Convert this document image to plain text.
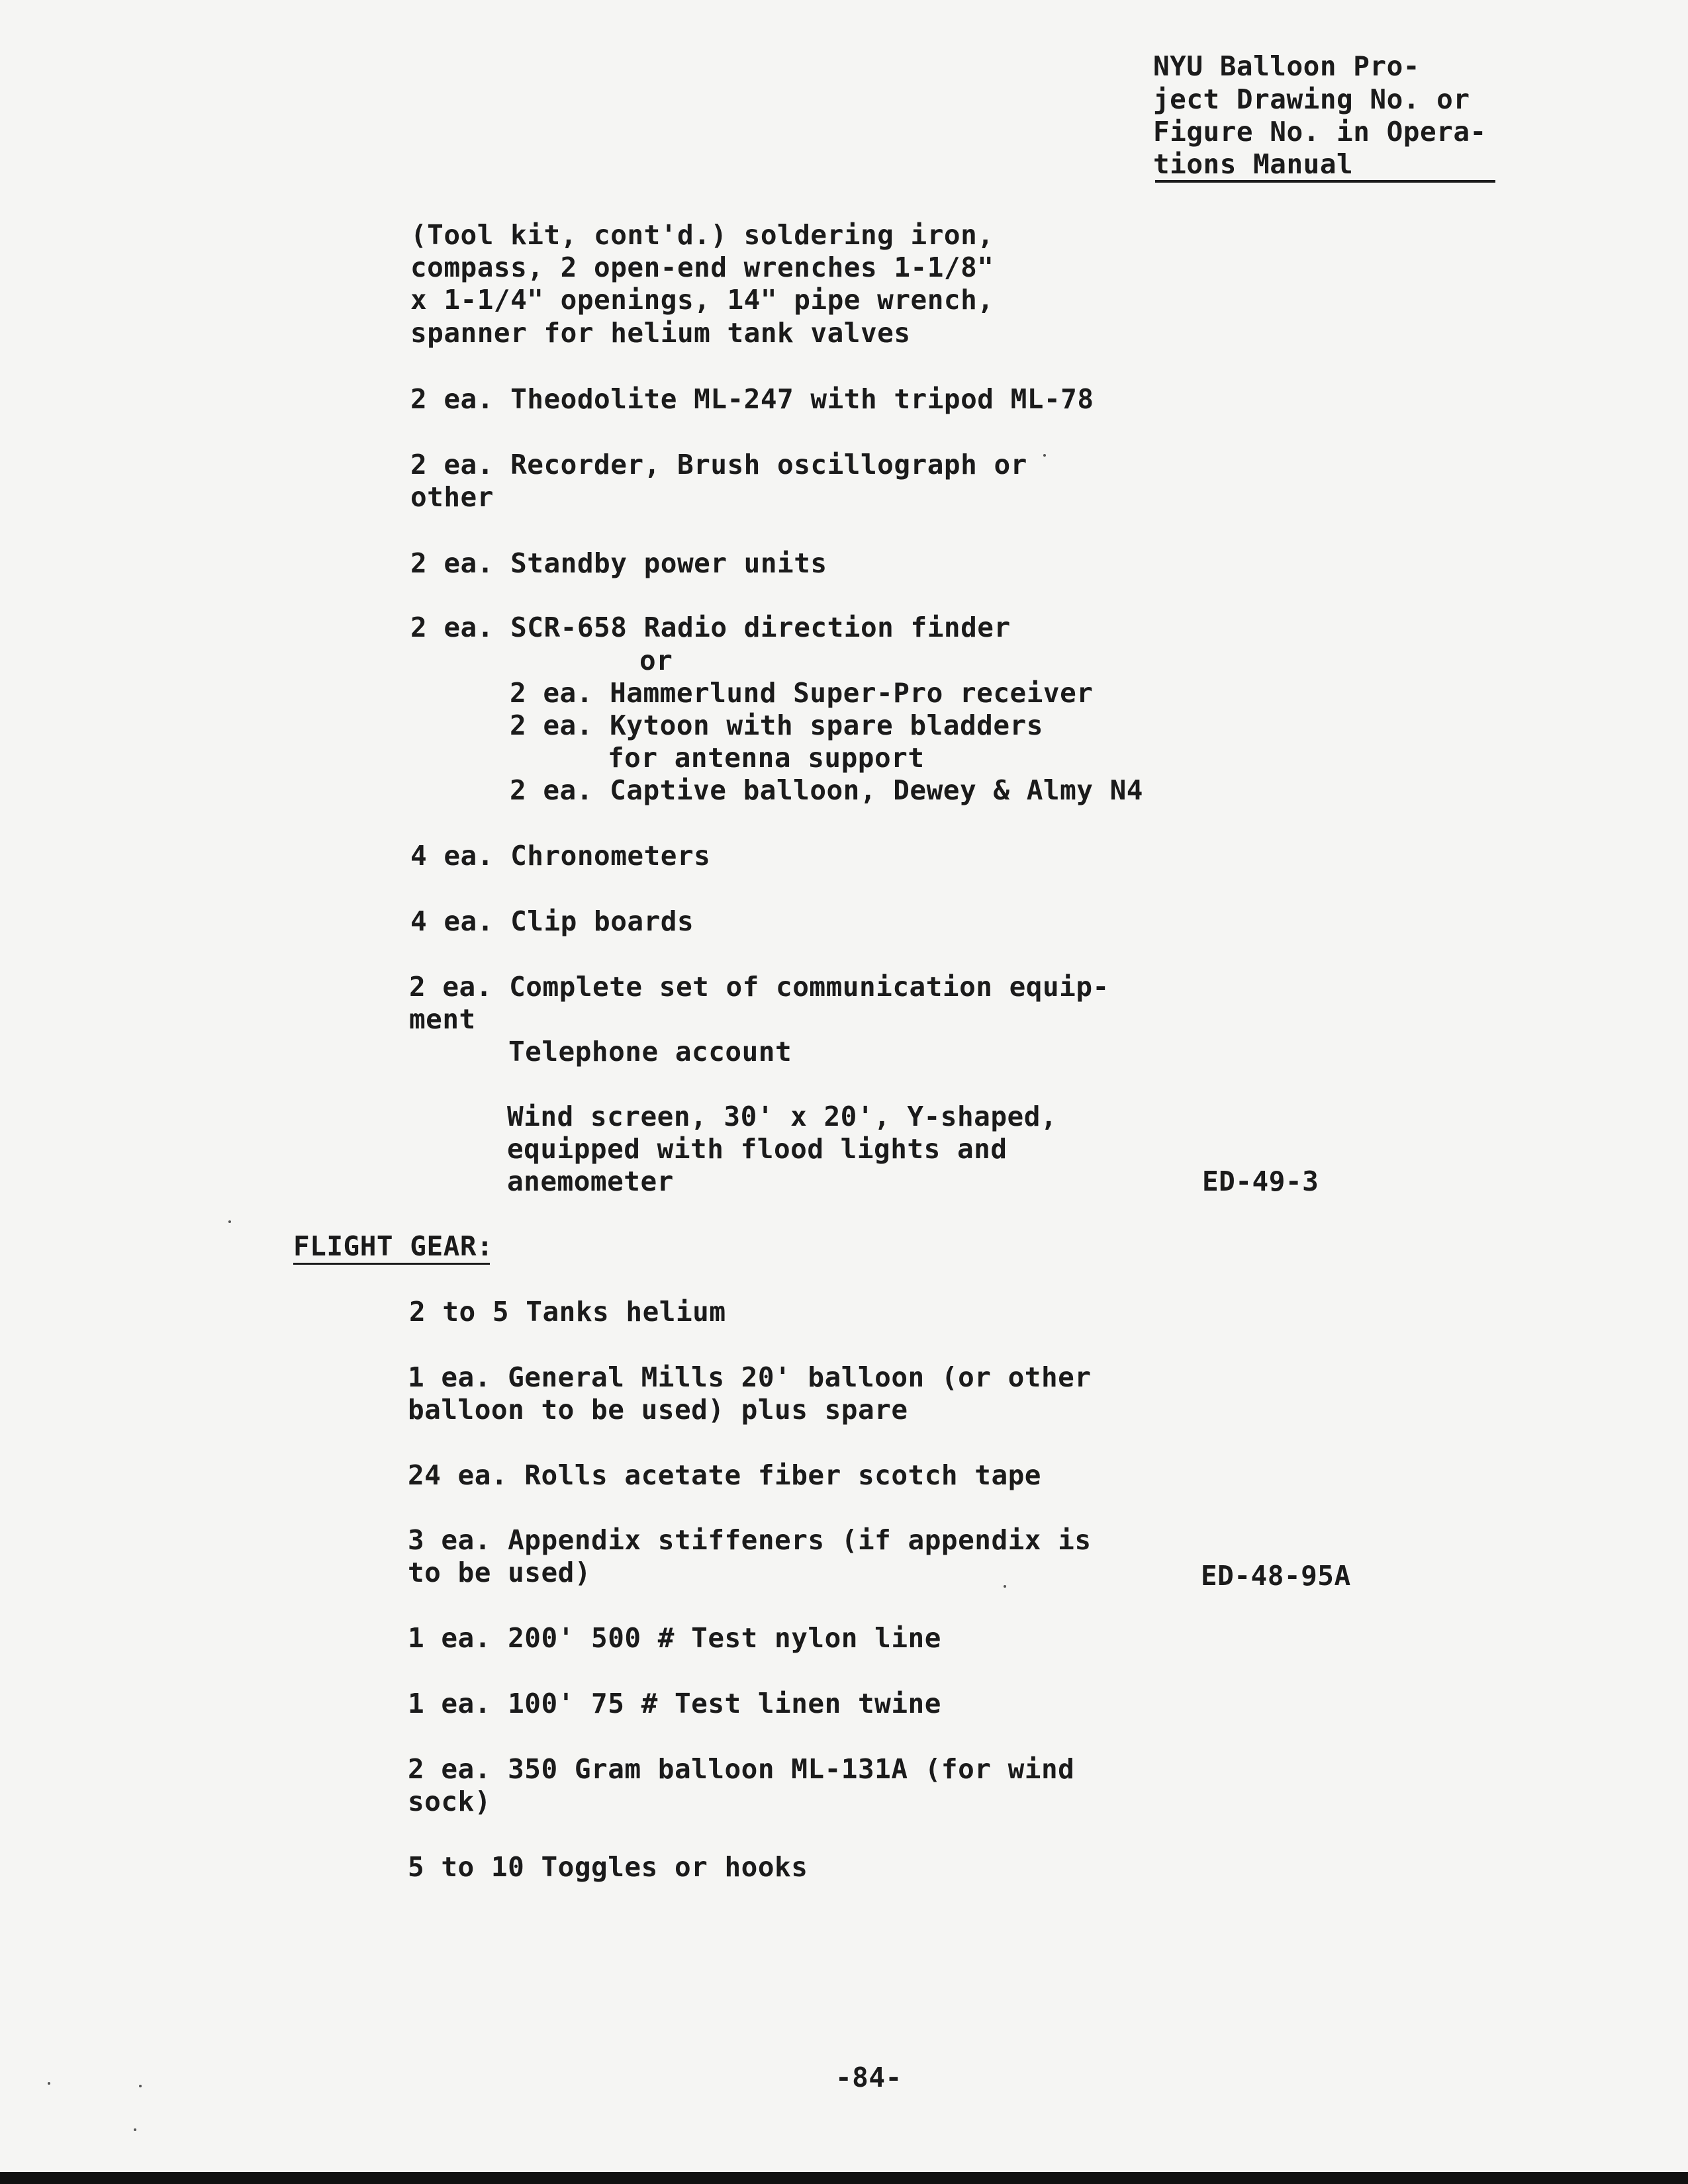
NYU Balloon Pro-
ject Drawing No. or
Figure No. in Opera-
tions Manual
(Tool kit, cont'd.) soldering iron,
compass, 2 open-end wrenches 1-1/8"
x 1-1/4" openings, 14" pipe wrench,
spanner for helium tank valves
2 ea. Theodolite ML-247 with tripod ML-78
2 ea. Recorder, Brush oscillograph or
other
2 ea. Standby power units
2 ea. SCR-658 Radio direction finder
or
2 ea. Hammerlund Super-Pro receiver
2 ea. Kytoon with spare bladders
for antenna support
2 ea. Captive balloon, Dewey & Almy N4
4 ea. Chronometers
4 ea. Clip boards
2 ea. Complete set of communication equip-
ment
Telephone account
Wind screen, 30' x 20', Y-shaped,
equipped with flood lights and
anemometer	ED-49-3
FLIGHT GEAR:
2 to 5 Tanks helium
1 ea. General Mills 20' balloon (or other
balloon to be used) plus spare
24 ea. Rolls acetate fiber scotch tape
3 ea. Appendix stiffeners (if appendix is
to be used)	ED-48-95A
1 ea. 200' 500 # Test nylon line
1 ea. 100' 75 # Test linen twine
2 ea. 350 Gram balloon ML-131A (for wind
sock)
5 to 10 Toggles or hooks
-84-
